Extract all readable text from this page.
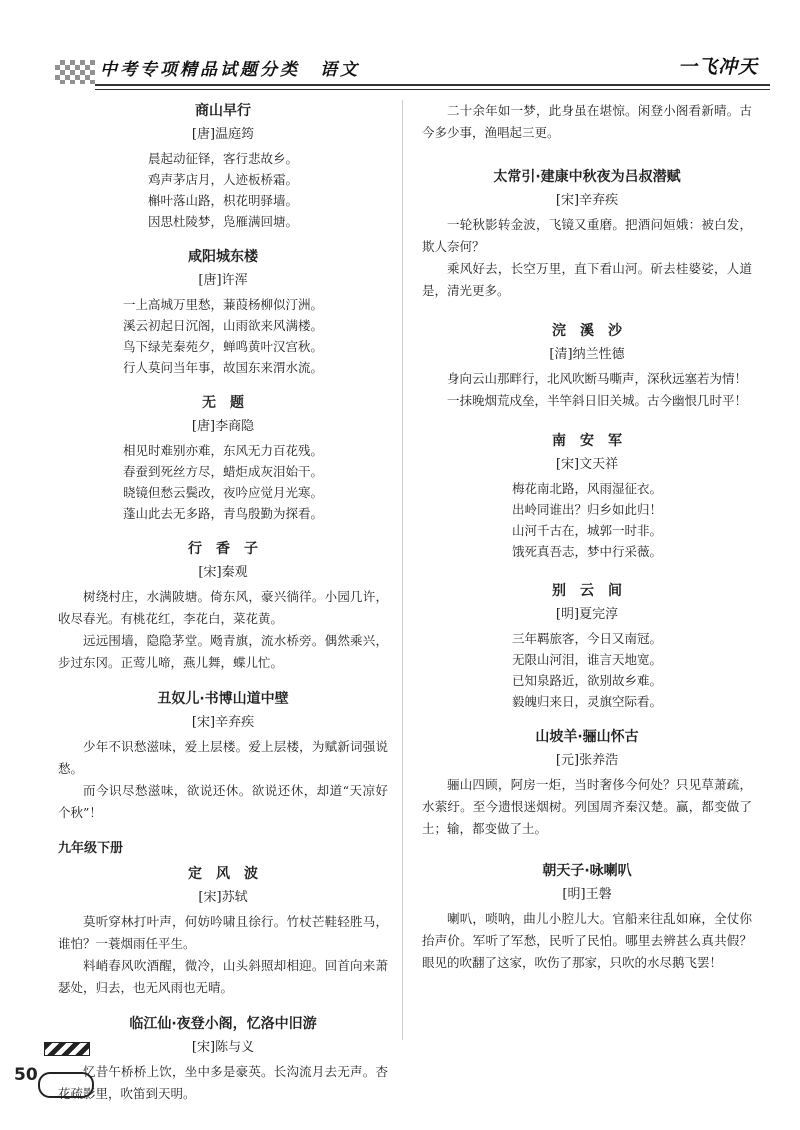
中考专项精品试题分类　语文	一飞冲天
商山早行
[唐]温庭筠
晨起动征铎，客行悲故乡。
鸡声茅店月，人迹板桥霜。
槲叶落山路，枳花明驿墙。
因思杜陵梦，凫雁满回塘。
咸阳城东楼
[唐]许浑
一上高城万里愁，蒹葭杨柳似汀洲。
溪云初起日沉阁，山雨欲来风满楼。
鸟下绿芜秦苑夕，蝉鸣黄叶汉宫秋。
行人莫问当年事，故国东来渭水流。
无　题
[唐]李商隐
相见时难别亦难，东风无力百花残。
春蚕到死丝方尽，蜡炬成灰泪始干。
晓镜但愁云鬓改，夜吟应觉月光寒。
蓬山此去无多路，青鸟殷勤为探看。
行　香　子
[宋]秦观

树绕村庄，水满陂塘。倚东风，豪兴徜徉。小园几许，收尽春光。有桃花红，李花白，菜花黄。

远远围墙，隐隐茅堂。飏青旗，流水桥旁。偶然乘兴，步过东冈。正莺儿啼，燕儿舞，蝶儿忙。

丑奴儿·书博山道中壁
[宋]辛弃疾

少年不识愁滋味，爱上层楼。爱上层楼，为赋新词强说愁。

而今识尽愁滋味，欲说还休。欲说还休，却道“天凉好个秋”！

九年级下册
定　风　波
[宋]苏轼

莫听穿林打叶声，何妨吟啸且徐行。竹杖芒鞋轻胜马，谁怕？一蓑烟雨任平生。

料峭春风吹酒醒，微冷，山头斜照却相迎。回首向来萧瑟处，归去，也无风雨也无晴。

临江仙·夜登小阁，忆洛中旧游
[宋]陈与义

忆昔午桥桥上饮，坐中多是豪英。长沟流月去无声。杏花疏影里，吹笛到天明。

二十余年如一梦，此身虽在堪惊。闲登小阁看新晴。古今多少事，渔唱起三更。

太常引·建康中秋夜为吕叔潜赋
[宋]辛弃疾

一轮秋影转金波，飞镜又重磨。把酒问姮娥：被白发，欺人奈何？

乘风好去，长空万里，直下看山河。斫去桂婆娑，人道是，清光更多。

浣　溪　沙
[清]纳兰性德

身向云山那畔行，北风吹断马嘶声，深秋远塞若为情！

一抹晚烟荒戍垒，半竿斜日旧关城。古今幽恨几时平！

南　安　军
[宋]文天祥
梅花南北路，风雨湿征衣。
出岭同谁出？归乡如此归！
山河千古在，城郭一时非。
饿死真吾志，梦中行采薇。
别　云　间
[明]夏完淳
三年羁旅客，今日又南冠。
无限山河泪，谁言天地宽。
已知泉路近，欲别故乡难。
毅魄归来日，灵旗空际看。
山坡羊·骊山怀古
[元]张养浩

骊山四顾，阿房一炬，当时奢侈今何处？只见草萧疏，水萦纡。至今遗恨迷烟树。列国周齐秦汉楚。赢，都变做了土；输，都变做了土。

朝天子·咏喇叭
[明]王磐

喇叭，唢呐，曲儿小腔儿大。官船来往乱如麻，全仗你抬声价。军听了军愁，民听了民怕。哪里去辨甚么真共假？眼见的吹翻了这家，吹伤了那家，只吹的水尽鹅飞罢！

50
